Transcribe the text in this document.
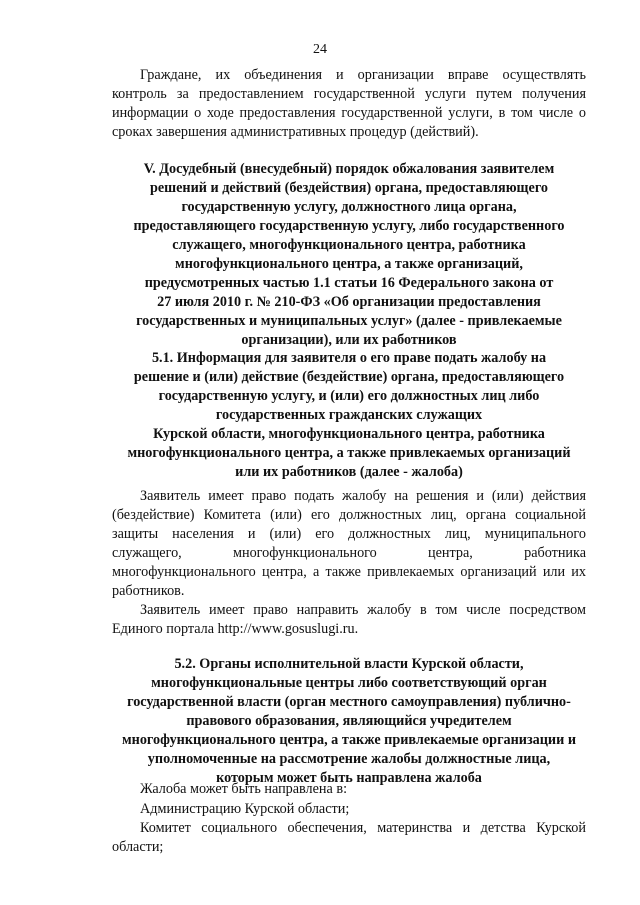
24
Граждане, их объединения и организации вправе осуществлять
контроль за предоставлением государственной услуги путем получения
информации о ходе предоставления государственной услуги, в том числе о
сроках завершения административных процедур (действий).
V. Досудебный (внесудебный) порядок обжалования заявителем
решений и действий (бездействия) органа, предоставляющего
государственную услугу, должностного лица органа,
предоставляющего государственную услугу, либо государственного
служащего, многофункционального центра, работника
многофункционального центра, а также организаций,
предусмотренных частью 1.1 статьи 16 Федерального закона от
27 июля 2010 г. № 210-ФЗ «Об организации предоставления
государственных и муниципальных услуг» (далее - привлекаемые
организации), или их работников
5.1. Информация для заявителя о его праве подать жалобу на
решение и (или) действие (бездействие) органа, предоставляющего
государственную услугу, и (или) его должностных лиц либо
государственных гражданских служащих
Курской области, многофункционального центра, работника
многофункционального центра, а также привлекаемых организаций
или их работников (далее - жалоба)
Заявитель имеет право подать жалобу на решения и (или) действия
(бездействие) Комитета (или) его должностных лиц, органа социальной
защиты населения и (или) его должностных лиц, муниципального
служащего, многофункционального центра, работника
многофункционального центра, а также привлекаемых организаций или их
работников.
Заявитель имеет право направить жалобу в том числе посредством
Единого портала http://www.gosuslugi.ru.
5.2. Органы исполнительной власти Курской области,
многофункциональные центры либо соответствующий орган
государственной власти (орган местного самоуправления) публично-
правового образования, являющийся учредителем
многофункционального центра, а также привлекаемые организации и
уполномоченные на рассмотрение жалобы должностные лица,
которым может быть направлена жалоба
Жалоба может быть направлена в:
Администрацию Курской области;
Комитет социального обеспечения, материнства и детства Курской
области;
